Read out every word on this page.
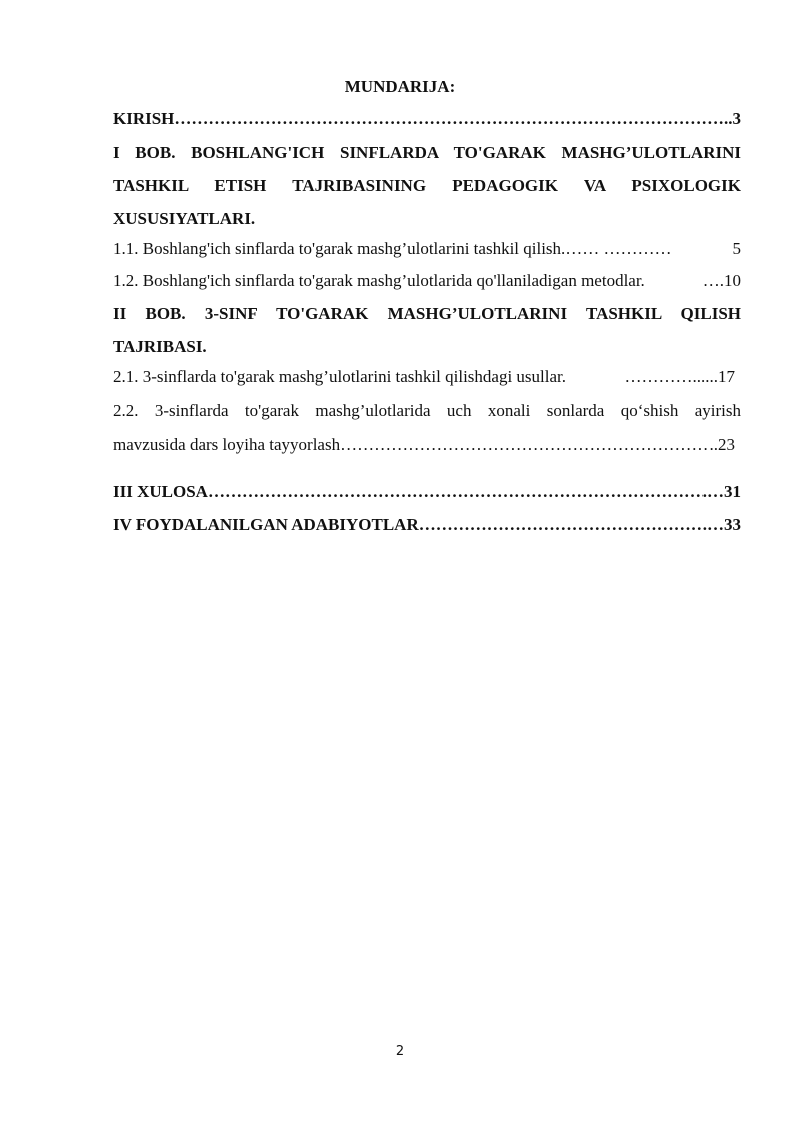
MUNDARIJA:
KIRISH …………………………………………………………………………………………………………………………………………………………………………………………………………	..3
I BOB. BOSHLANG'ICH SINFLARDA TO'GARAK MASHG’ULOTLARINI
TASHKIL ETISH TAJRIBASINING PEDAGOGIK VA PSIXOLOGIK
XUSUSIYATLARI.
1.1. Boshlang'ich sinflarda to'garak mashg’ulotlarini tashkil qilish.…… …………	5
1.2. Boshlang'ich sinflarda to'garak mashg’ulotlarida qo'llaniladigan metodlar.	….10
II BOB. 3-SINF TO'GARAK MASHG’ULOTLARINI TASHKIL QILISH
TAJRIBASI.
2.1. 3-sinflarda to'garak mashg’ulotlarini tashkil qilishdagi usullar.	…………......17
2.2. 3-sinflarda to'garak mashg’ulotlarida uch xonali sonlarda qo‘shish ayirish
mavzusida dars loyiha tayyorlash …………………………………………………………………………………………………………………………………………………………………………………………………………	..23
III XULOSA …………………………………………………………………………………………………………………………………………………………………………………………………………	.…31
IV FOYDALANILGAN ADABIYOTLAR …………………………………………………………………………………………………………………………………………………………………………………………………………	.…33
2
